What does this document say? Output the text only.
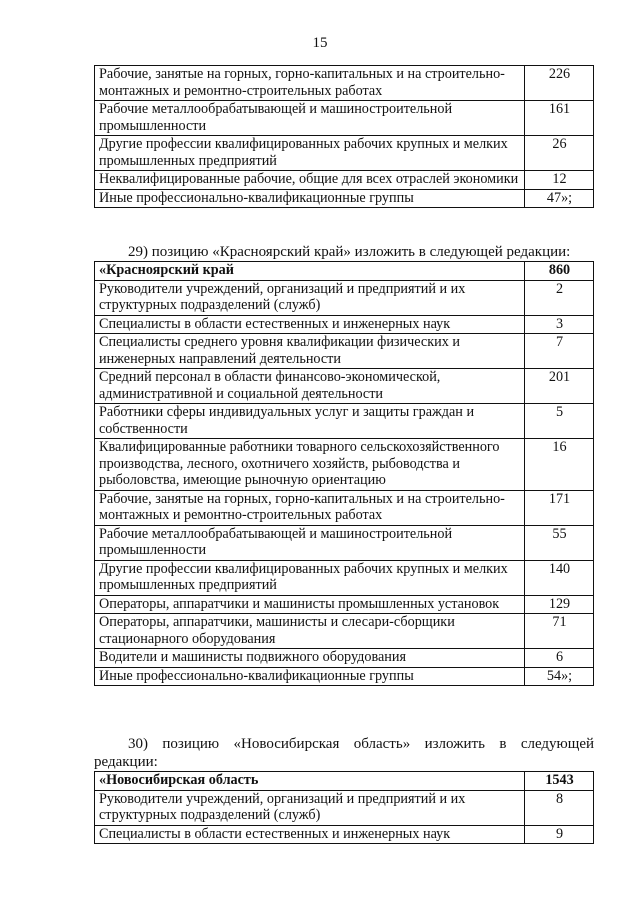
15
Рабочие, занятые на горных, горно-капитальных и на строительно-монтажных и ремонтно-строительных работах	226
Рабочие металлообрабатывающей и машиностроительной промышленности	161
Другие профессии квалифицированных рабочих крупных и мелких промышленных предприятий	26
Неквалифицированные рабочие, общие для всех отраслей экономики	12
Иные профессионально-квалификационные группы	47»;
29) позицию «Красноярский край» изложить в следующей редакции:
«Красноярский край	860
Руководители учреждений, организаций и предприятий и их структурных подразделений (служб)	2
Специалисты в области естественных и инженерных наук	3
Специалисты среднего уровня квалификации физических и инженерных направлений деятельности	7
Средний персонал в области финансово-экономической, административной и социальной деятельности	201
Работники сферы индивидуальных услуг и защиты граждан и собственности	5
Квалифицированные работники товарного сельскохозяйственного производства, лесного, охотничего хозяйств, рыбоводства и рыболовства, имеющие рыночную ориентацию	16
Рабочие, занятые на горных, горно-капитальных и на строительно-монтажных и ремонтно-строительных работах	171
Рабочие металлообрабатывающей и машиностроительной промышленности	55
Другие профессии квалифицированных рабочих крупных и мелких промышленных предприятий	140
Операторы, аппаратчики и машинисты промышленных установок	129
Операторы, аппаратчики, машинисты и слесари-сборщики стационарного оборудования	71
Водители и машинисты подвижного оборудования	6
Иные профессионально-квалификационные группы	54»;
30) позицию «Новосибирская область» изложить в следующей редакции:
«Новосибирская область	1543
Руководители учреждений, организаций и предприятий и их структурных подразделений (служб)	8
Специалисты в области естественных и инженерных наук	9
